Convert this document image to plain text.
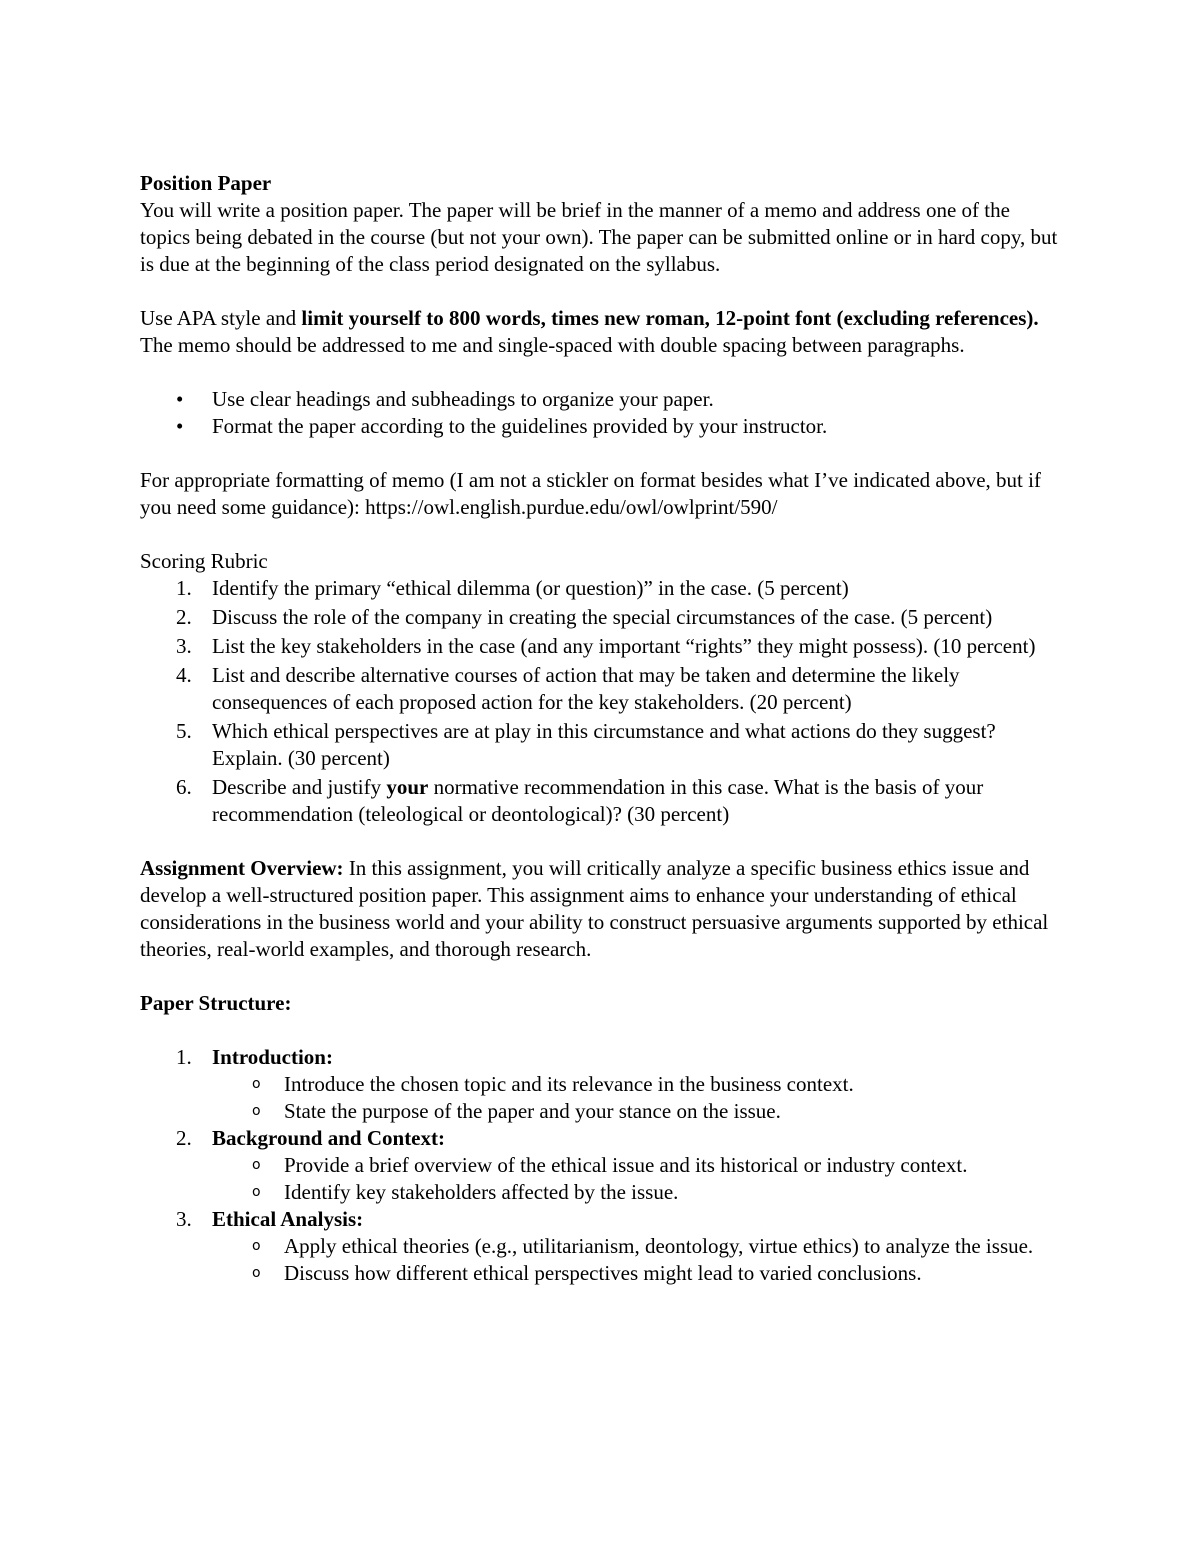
Position Paper

You will write a position paper. The paper will be brief in the manner of a memo and address one of the topics being debated in the course (but not your own). The paper can be submitted online or in hard copy, but is due at the beginning of the class period designated on the syllabus.

Use APA style and limit yourself to 800 words, times new roman, 12-point font (excluding references). The memo should be addressed to me and single-spaced with double spacing between paragraphs.

•	Use clear headings and subheadings to organize your paper.
•	Format the paper according to the guidelines provided by your instructor.

For appropriate formatting of memo (I am not a stickler on format besides what I’ve indicated above, but if you need some guidance): https://owl.english.purdue.edu/owl/owlprint/590/

Scoring Rubric

1. Identify the primary “ethical dilemma (or question)” in the case. (5 percent)
2. Discuss the role of the company in creating the special circumstances of the case. (5 percent)
3. List the key stakeholders in the case (and any important “rights” they might possess). (10 percent)
4. List and describe alternative courses of action that may be taken and determine the likely consequences of each proposed action for the key stakeholders. (20 percent)
5. Which ethical perspectives are at play in this circumstance and what actions do they suggest? Explain. (30 percent)
6. Describe and justify your normative recommendation in this case. What is the basis of your recommendation (teleological or deontological)? (30 percent)

Assignment Overview: In this assignment, you will critically analyze a specific business ethics issue and develop a well-structured position paper. This assignment aims to enhance your understanding of ethical considerations in the business world and your ability to construct persuasive arguments supported by ethical theories, real-world examples, and thorough research.

Paper Structure:

1. Introduction:
o Introduce the chosen topic and its relevance in the business context.
o State the purpose of the paper and your stance on the issue.
2. Background and Context:
o Provide a brief overview of the ethical issue and its historical or industry context.
o Identify key stakeholders affected by the issue.
3. Ethical Analysis:
o Apply ethical theories (e.g., utilitarianism, deontology, virtue ethics) to analyze the issue.
o Discuss how different ethical perspectives might lead to varied conclusions.
